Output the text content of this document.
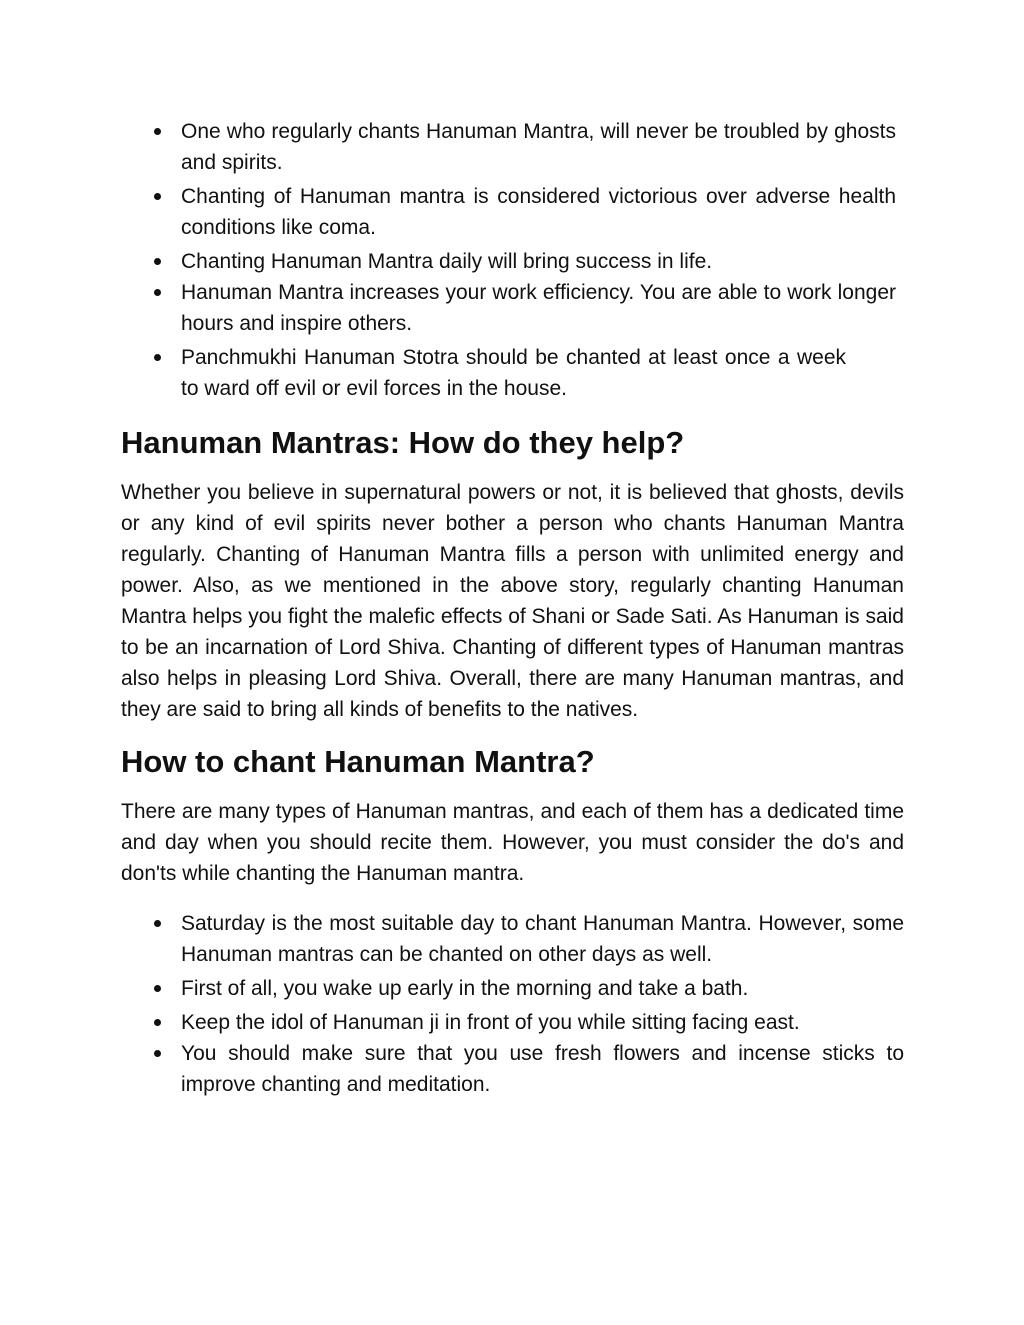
One who regularly chants Hanuman Mantra, will never be troubled by ghosts and spirits.
Chanting of Hanuman mantra is considered victorious over adverse health conditions like coma.
Chanting Hanuman Mantra daily will bring success in life.
Hanuman Mantra increases your work efficiency. You are able to work longer hours and inspire others.
Panchmukhi Hanuman Stotra should be chanted at least once a week to ward off evil or evil forces in the house.
Hanuman Mantras: How do they help?

Whether you believe in supernatural powers or not, it is believed that ghosts, devils or any kind of evil spirits never bother a person who chants Hanuman Mantra regularly. Chanting of Hanuman Mantra fills a person with unlimited energy and power. Also, as we mentioned in the above story, regularly chanting Hanuman Mantra helps you fight the malefic effects of Shani or Sade Sati. As Hanuman is said to be an incarnation of Lord Shiva. Chanting of different types of Hanuman mantras also helps in pleasing Lord Shiva. Overall, there are many Hanuman mantras, and they are said to bring all kinds of benefits to the natives.

How to chant Hanuman Mantra?

There are many types of Hanuman mantras, and each of them has a dedicated time and day when you should recite them. However, you must consider the do's and don'ts while chanting the Hanuman mantra.

Saturday is the most suitable day to chant Hanuman Mantra. However, some Hanuman mantras can be chanted on other days as well.
First of all, you wake up early in the morning and take a bath.
Keep the idol of Hanuman ji in front of you while sitting facing east.
You should make sure that you use fresh flowers and incense sticks to improve chanting and meditation.
